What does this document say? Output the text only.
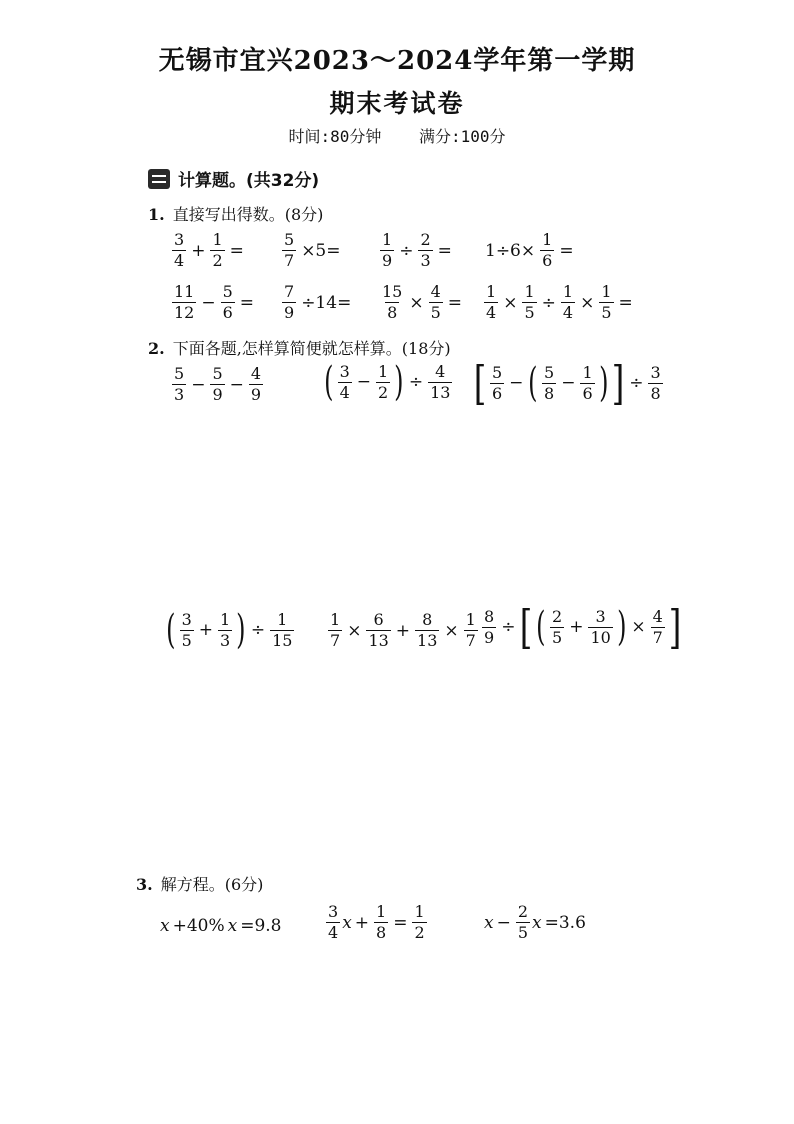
无锡市宜兴2023～2024学年第一学期
期末考试卷
时间:80分钟 满分:100分
计算题。(共32分)
1. 直接写出得数。(8分)
$\frac{3}{4} + \frac{1}{2} = \frac{5}{7} \times 5= \frac{1}{9} \div \frac{2}{3} = 1\div 6\times \frac{1}{6}$ =
$\frac{11}{12} - \frac{5}{6} = \frac{7}{9} \div 14= \frac{15}{8} \times \frac{4}{5} = \frac{1}{4} \times \frac{1}{5} \div \frac{1}{4} \times \frac{1}{5}$ =
2. 下面各题,怎样算简便就怎样算。(18分)
$\frac{5}{3} - \frac{5}{9} - \frac{4}{9}$ ( $\frac{3}{4} - \frac{1}{2}$ ) ÷ $\frac{4}{13}$ [ $\frac{5}{6}$ − ( $\frac{5}{8} - \frac{1}{6}$ ) ] ÷ $\frac{3}{8}$
( $\frac{3}{5} + \frac{1}{3}$ ) ÷ $\frac{1}{15} \frac{1}{7} \times \frac{6}{13} + \frac{8}{13} \times \frac{1}{7} \frac{8}{9}$ ÷ [ ( $\frac{2}{5} + \frac{3}{10}$ ) × $\frac{4}{7}$ ]
3. 解方程。(6分)
x +40% x =9.8	$\frac{3}{4}$ $x + \frac{1}{8} = \frac{1}{2}$	$x - \frac{2}{5}$ x =3.6
